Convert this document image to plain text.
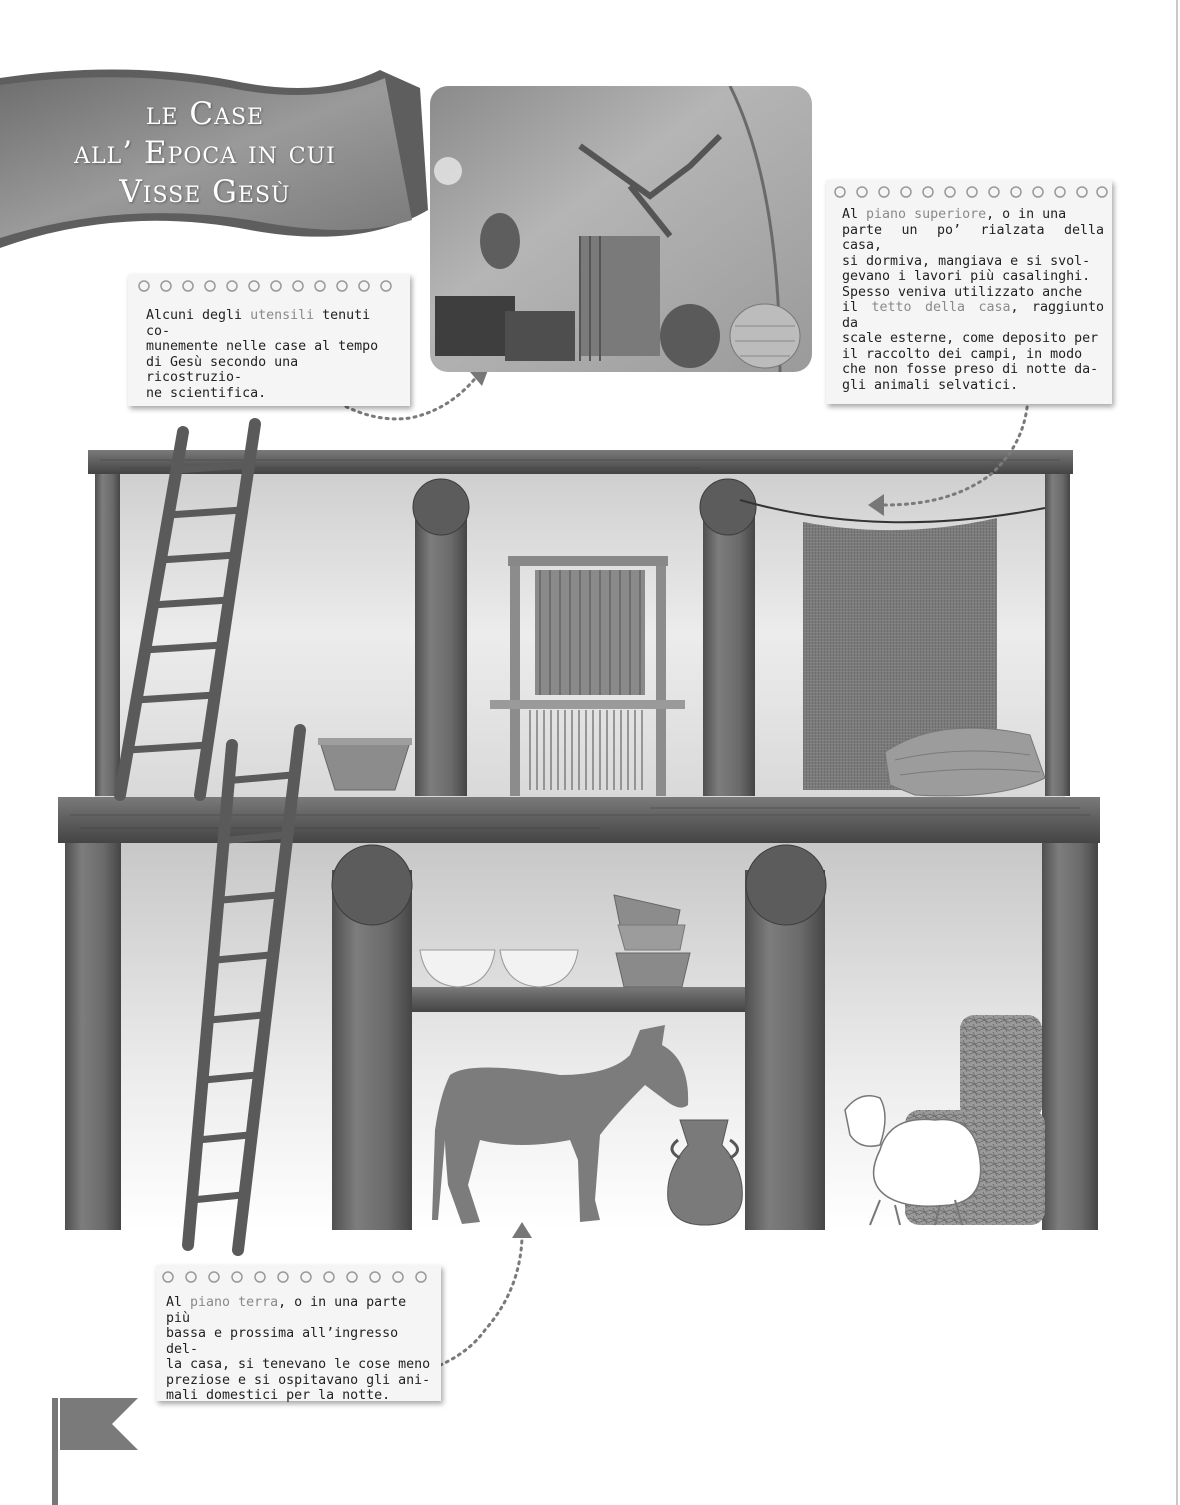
le Case
all’ Epoca in cui
Visse Gesù
Alcuni degli utensili tenuti co-
munemente nelle case al tempo
di Gesù secondo una ricostruzio-
ne scientifica.
Al piano superiore, o in una
parte un po’ rialzata della casa,
si dormiva, mangiava e si svol-
gevano i lavori più casalinghi.
Spesso veniva utilizzato anche
il tetto della casa, raggiunto da
scale esterne, come deposito per
il raccolto dei campi, in modo
che non fosse preso di notte da-
gli animali selvatici.
Al piano terra, o in una parte più
bassa e prossima all’ingresso del-
la casa, si tenevano le cose meno
preziose e si ospitavano gli ani-
mali domestici per la notte.
